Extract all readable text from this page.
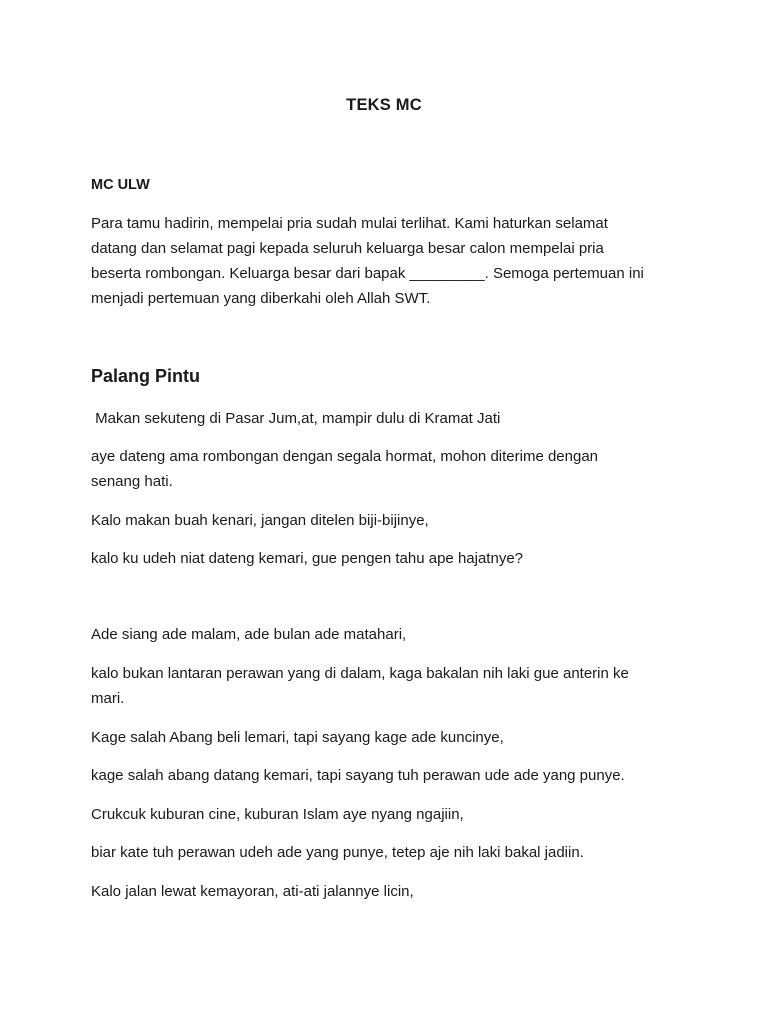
TEKS MC
MC ULW

Para tamu hadirin, mempelai pria sudah mulai terlihat. Kami haturkan selamat

datang dan selamat pagi kepada seluruh keluarga besar calon mempelai pria

beserta rombongan. Keluarga besar dari bapak _________. Semoga pertemuan ini

menjadi pertemuan yang diberkahi oleh Allah SWT.

Palang Pintu

Makan sekuteng di Pasar Jum,at, mampir dulu di Kramat Jati

aye dateng ama rombongan dengan segala hormat, mohon diterime dengan

senang hati.

Kalo makan buah kenari, jangan ditelen biji-bijinye,

kalo ku udeh niat dateng kemari, gue pengen tahu ape hajatnye?

Ade siang ade malam, ade bulan ade matahari,

kalo bukan lantaran perawan yang di dalam, kaga bakalan nih laki gue anterin ke

mari.

Kage salah Abang beli lemari, tapi sayang kage ade kuncinye,

kage salah abang datang kemari, tapi sayang tuh perawan ude ade yang punye.

Crukcuk kuburan cine, kuburan Islam aye nyang ngajiin,

biar kate tuh perawan udeh ade yang punye, tetep aje nih laki bakal jadiin.

Kalo jalan lewat kemayoran, ati-ati jalannye licin,
